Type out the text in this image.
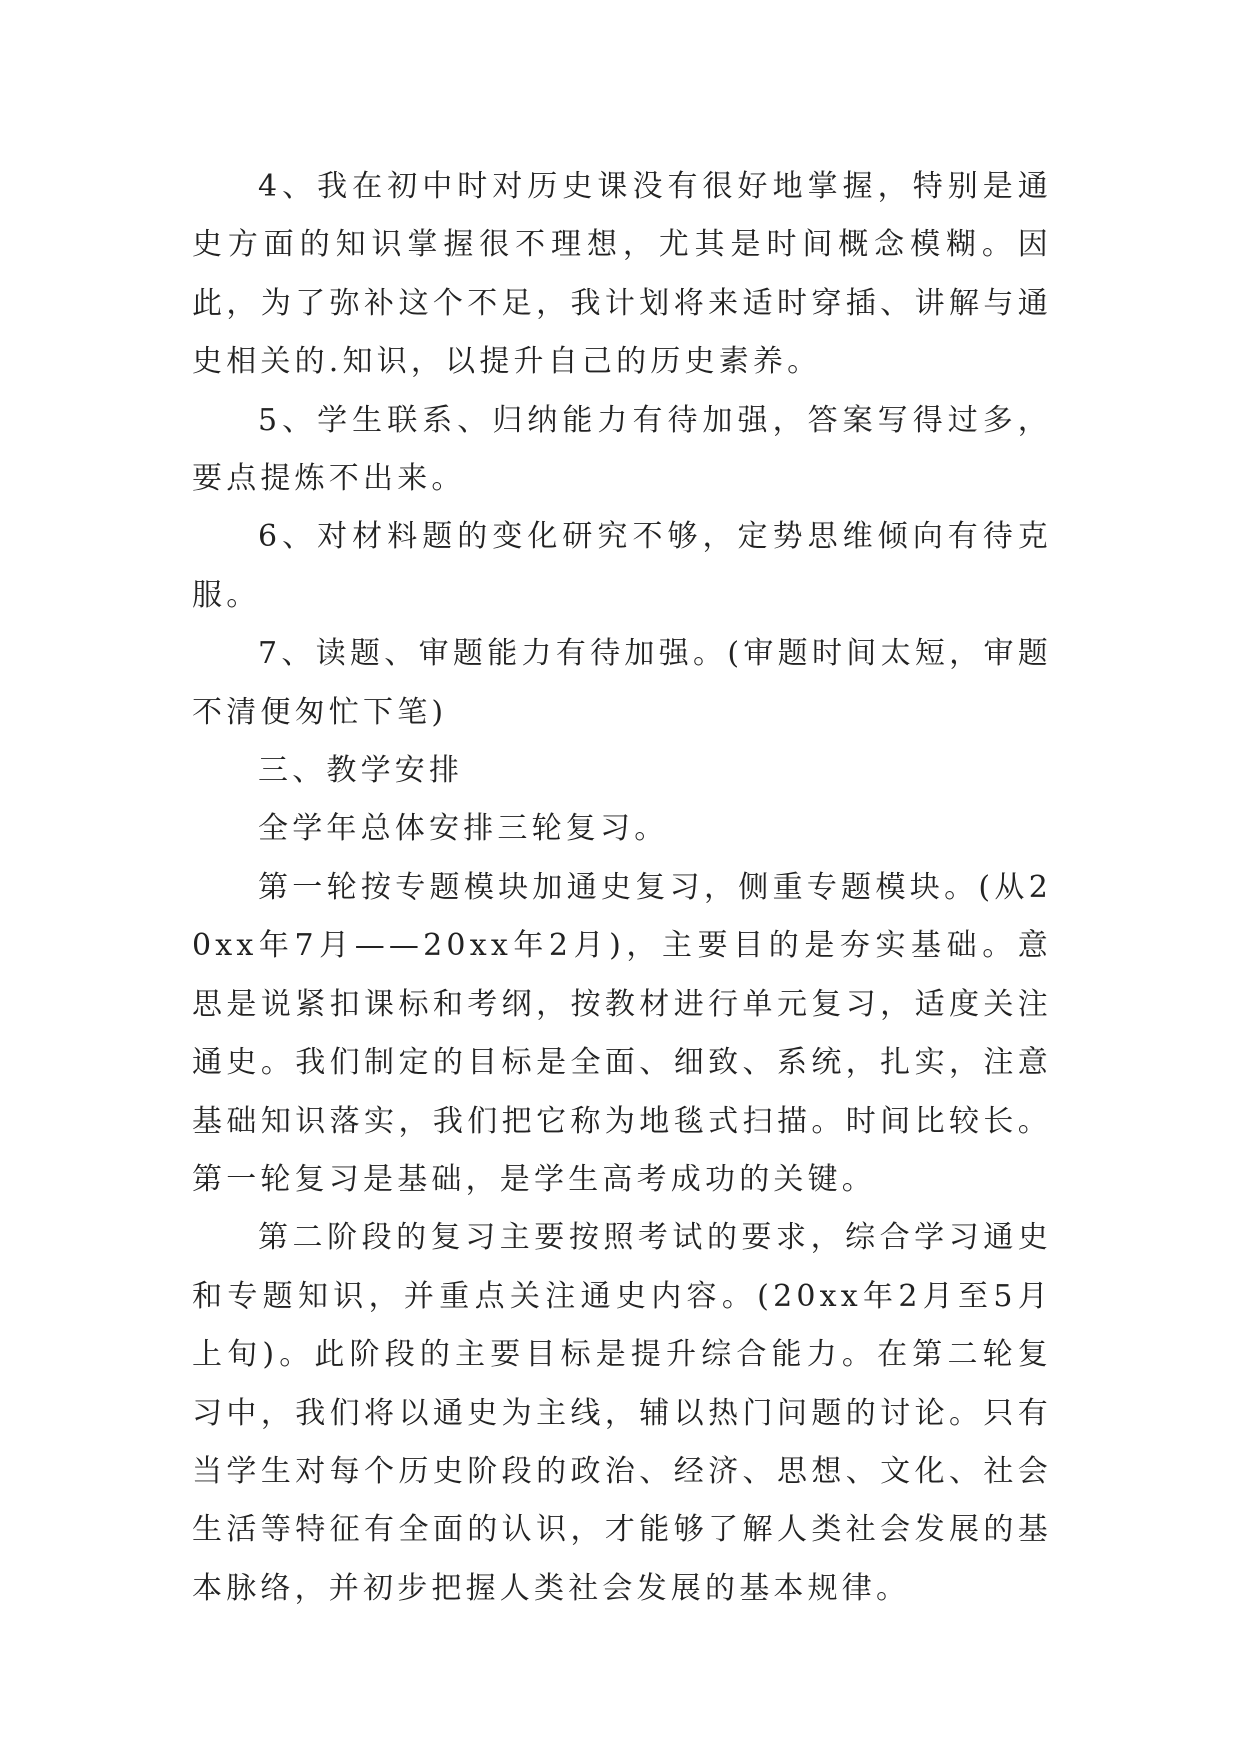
4、我在初中时对历史课没有很好地掌握，特别是通史方面的知识掌握很不理想，尤其是时间概念模糊。因此，为了弥补这个不足，我计划将来适时穿插、讲解与通史相关的.知识，以提升自己的历史素养。

5、学生联系、归纳能力有待加强，答案写得过多，要点提炼不出来。

6、对材料题的变化研究不够，定势思维倾向有待克服。

7、读题、审题能力有待加强。(审题时间太短，审题不清便匆忙下笔)

三、教学安排

全学年总体安排三轮复习。

第一轮按专题模块加通史复习，侧重专题模块。(从20xx年7月——20xx年2月)，主要目的是夯实基础。意思是说紧扣课标和考纲，按教材进行单元复习，适度关注通史。我们制定的目标是全面、细致、系统，扎实，注意基础知识落实，我们把它称为地毯式扫描。时间比较长。第一轮复习是基础，是学生高考成功的关键。

第二阶段的复习主要按照考试的要求，综合学习通史和专题知识，并重点关注通史内容。(20xx年2月至5月上旬)。此阶段的主要目标是提升综合能力。在第二轮复习中，我们将以通史为主线，辅以热门问题的讨论。只有当学生对每个历史阶段的政治、经济、思想、文化、社会生活等特征有全面的认识，才能够了解人类社会发展的基本脉络，并初步把握人类社会发展的基本规律。
